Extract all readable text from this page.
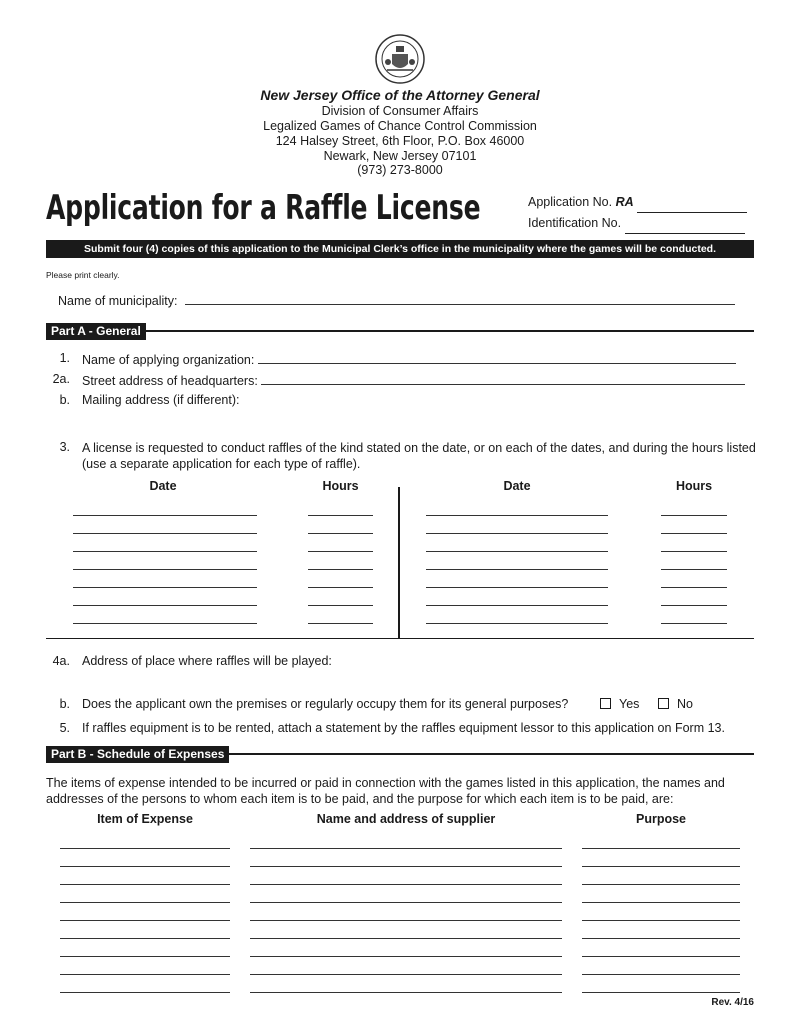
New Jersey Office of the Attorney General
Division of Consumer Affairs
Legalized Games of Chance Control Commission
124 Halsey Street, 6th Floor, P.O. Box 46000
Newark, New Jersey 07101
(973) 273-8000
Application for a Raffle License	Application No. RA
Identification No.
Submit four (4) copies of this application to the Municipal Clerk’s office in the municipality where the games will be conducted.
Please print clearly.
Name of municipality:
Part A - General
1. Name of applying organization:
2a. Street address of headquarters:
b. Mailing address (if different):
3. A license is requested to conduct raffles of the kind stated on the date, or on each of the dates, and during the hours listed (use a separate application for each type of raffle).
Date	Hours	Date	Hours
4a. Address of place where raffles will be played:
b. Does the applicant own the premises or regularly occupy them for its general purposes?	Yes	No
5. If raffles equipment is to be rented, attach a statement by the raffles equipment lessor to this application on Form 13.
Part B - Schedule of Expenses
The items of expense intended to be incurred or paid in connection with the games listed in this application, the names and addresses of the persons to whom each item is to be paid, and the purpose for which each item is to be paid, are:
Item of Expense	Name and address of supplier	Purpose
Rev. 4/16
